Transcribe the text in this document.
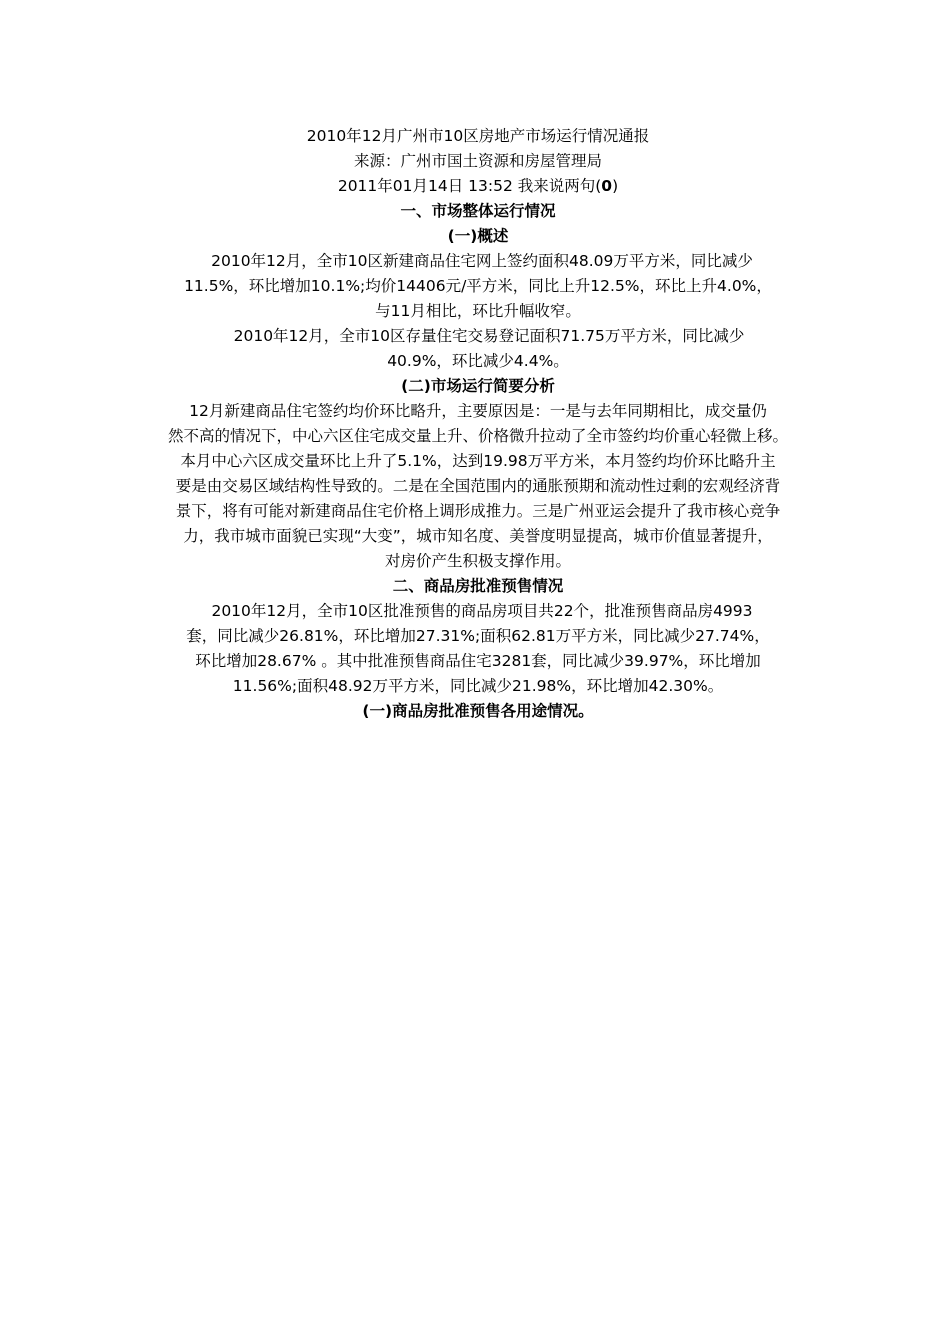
2010年12月广州市10区房地产市场运行情况通报
来源：广州市国土资源和房屋管理局
2011年01月14日 13:52 我来说两句(0)
一、市场整体运行情况
(一)概述
2010年12月，全市10区新建商品住宅网上签约面积48.09万平方米，同比减少
11.5%，环比增加10.1%;均价14406元/平方米，同比上升12.5%，环比上升4.0%，
与11月相比，环比升幅收窄。
2010年12月，全市10区存量住宅交易登记面积71.75万平方米，同比减少
40.9%，环比减少4.4%。
(二)市场运行简要分析
12月新建商品住宅签约均价环比略升，主要原因是：一是与去年同期相比，成交量仍
然不高的情况下，中心六区住宅成交量上升、价格微升拉动了全市签约均价重心轻微上移。
本月中心六区成交量环比上升了5.1%，达到19.98万平方米，本月签约均价环比略升主
要是由交易区域结构性导致的。二是在全国范围内的通胀预期和流动性过剩的宏观经济背
景下，将有可能对新建商品住宅价格上调形成推力。三是广州亚运会提升了我市核心竞争
力，我市城市面貌已实现“大变”，城市知名度、美誉度明显提高，城市价值显著提升，
对房价产生积极支撑作用。
二、商品房批准预售情况
2010年12月，全市10区批准预售的商品房项目共22个，批准预售商品房4993
套，同比减少26.81%，环比增加27.31%;面积62.81万平方米，同比减少27.74%，
环比增加28.67% 。其中批准预售商品住宅3281套，同比减少39.97%，环比增加
11.56%;面积48.92万平方米，同比减少21.98%，环比增加42.30%。
(一)商品房批准预售各用途情况。
